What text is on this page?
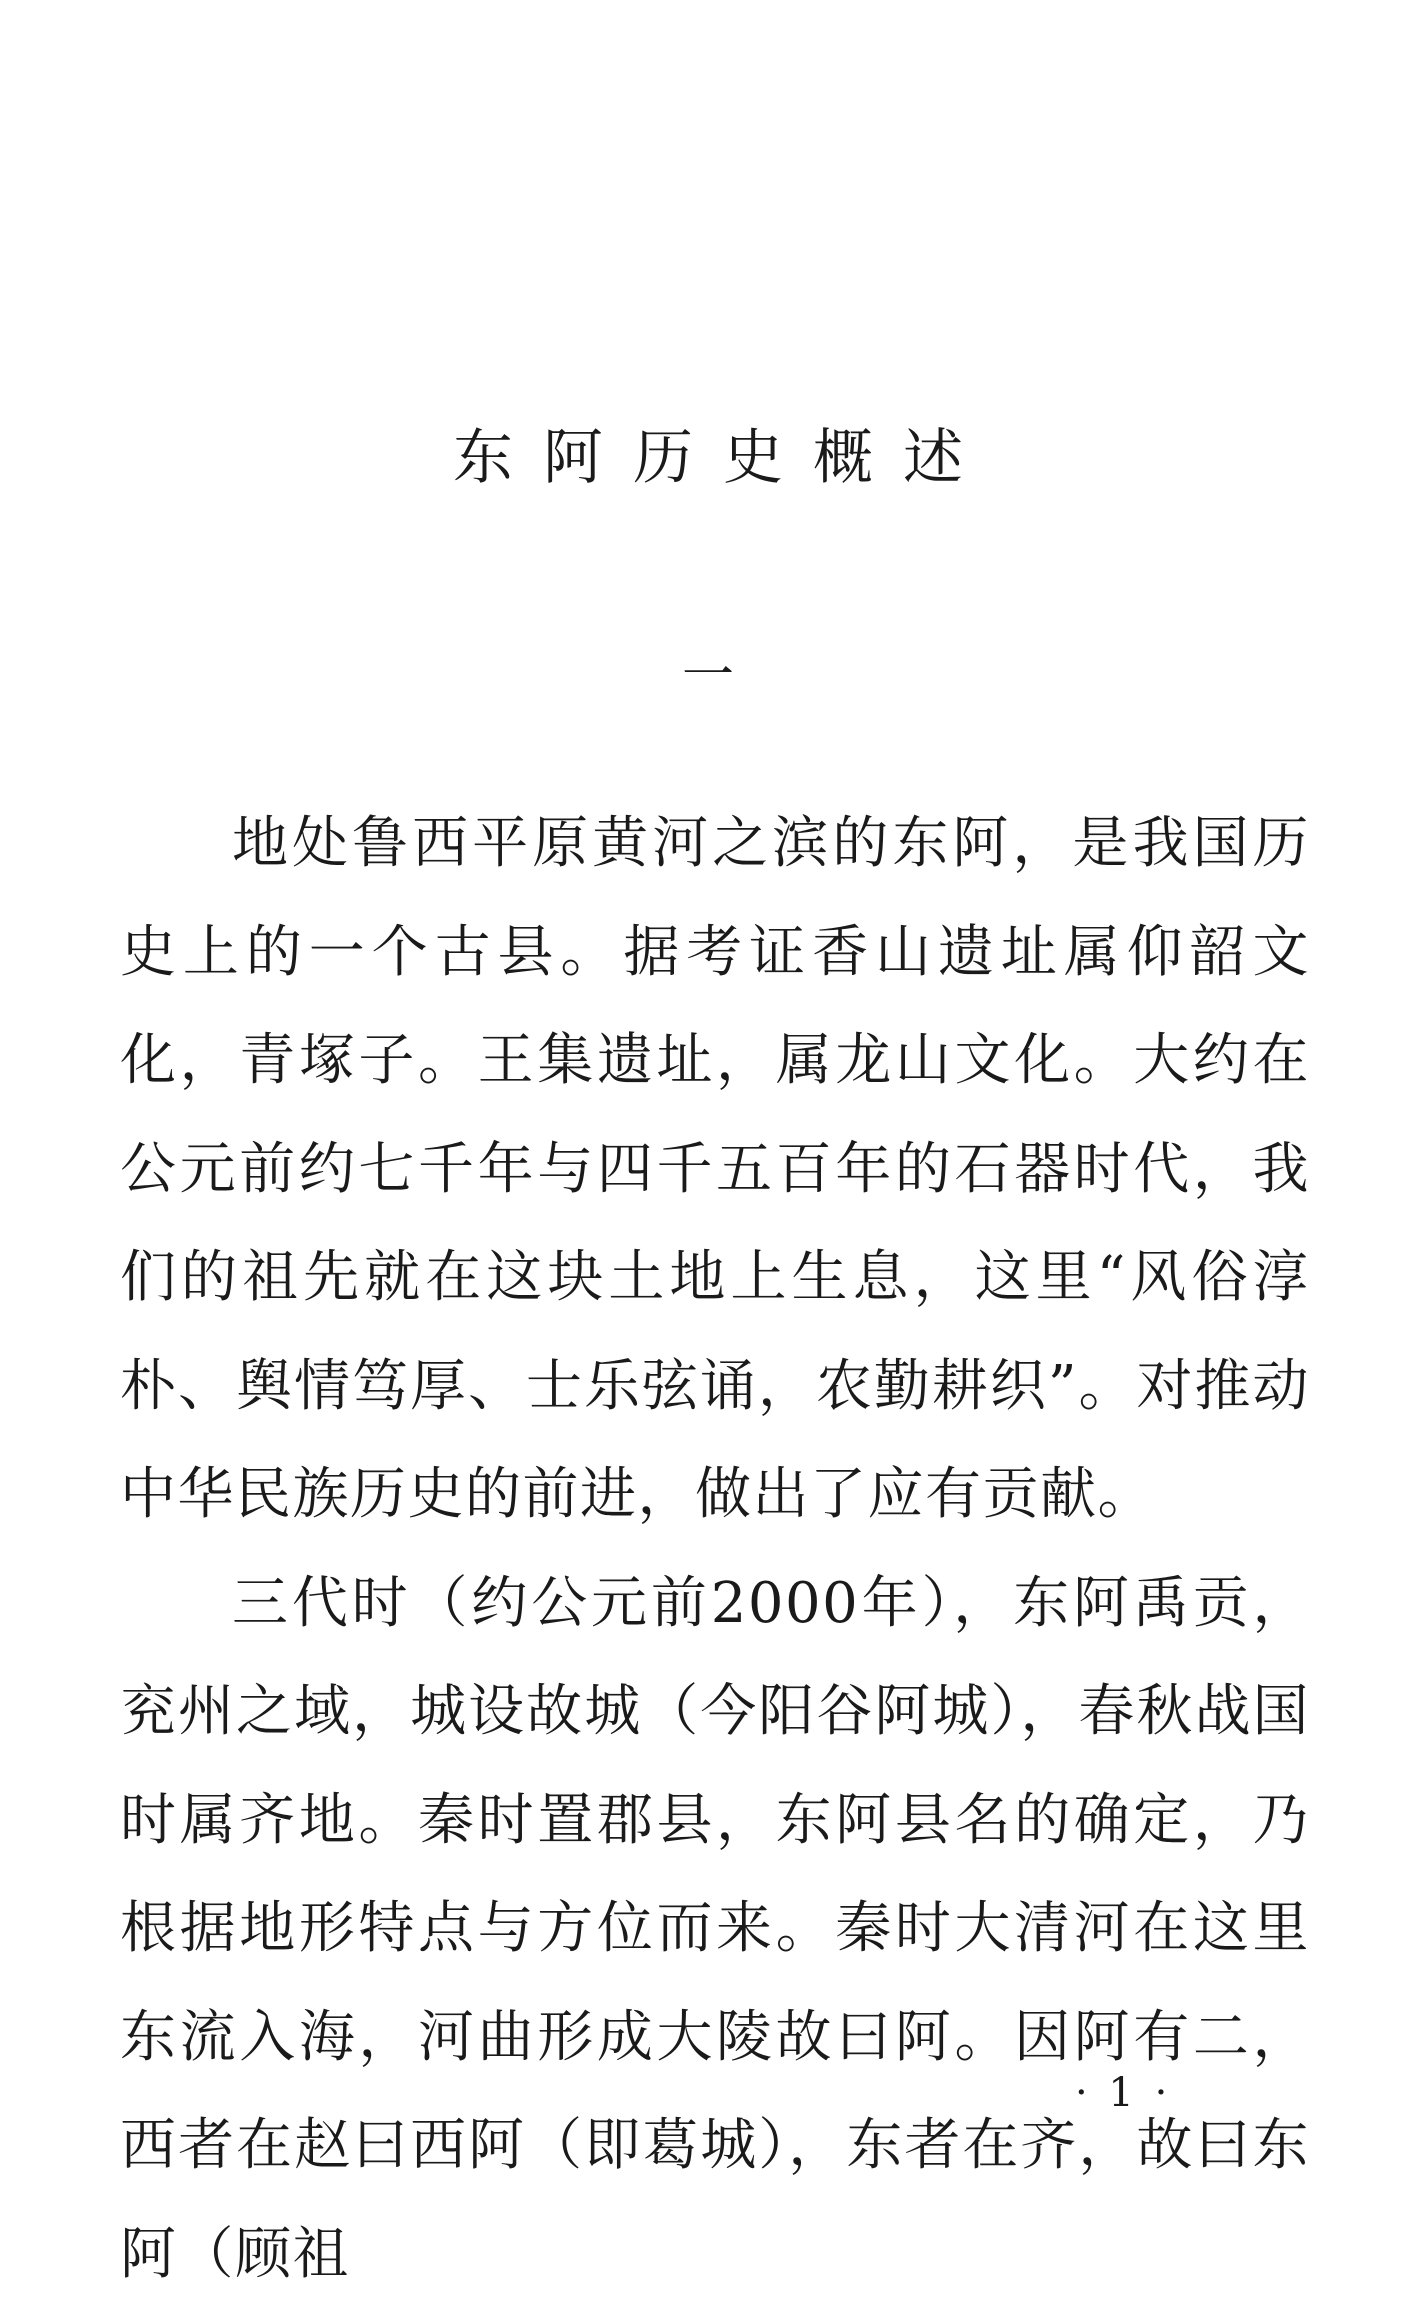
东阿历史概述

一

地处鲁西平原黄河之滨的东阿，是我国历史上的一个古县。据考证香山遗址属仰韶文化，青塚子。王集遗址，属龙山文化。大约在公元前约七千年与四千五百年的石器时代，我们的祖先就在这块土地上生息，这里“风俗淳朴、舆情笃厚、士乐弦诵，农勤耕织”。对推动中华民族历史的前进，做出了应有贡献。

三代时（约公元前2000年），东阿禹贡，兖州之域，城设故城（今阳谷阿城），春秋战国时属齐地。秦时置郡县，东阿县名的确定，乃根据地形特点与方位而来。秦时大清河在这里东流入海，河曲形成大陵故曰阿。因阿有二，西者在赵曰西阿（即葛城），东者在齐，故曰东阿（顾祖

· 1 ·
